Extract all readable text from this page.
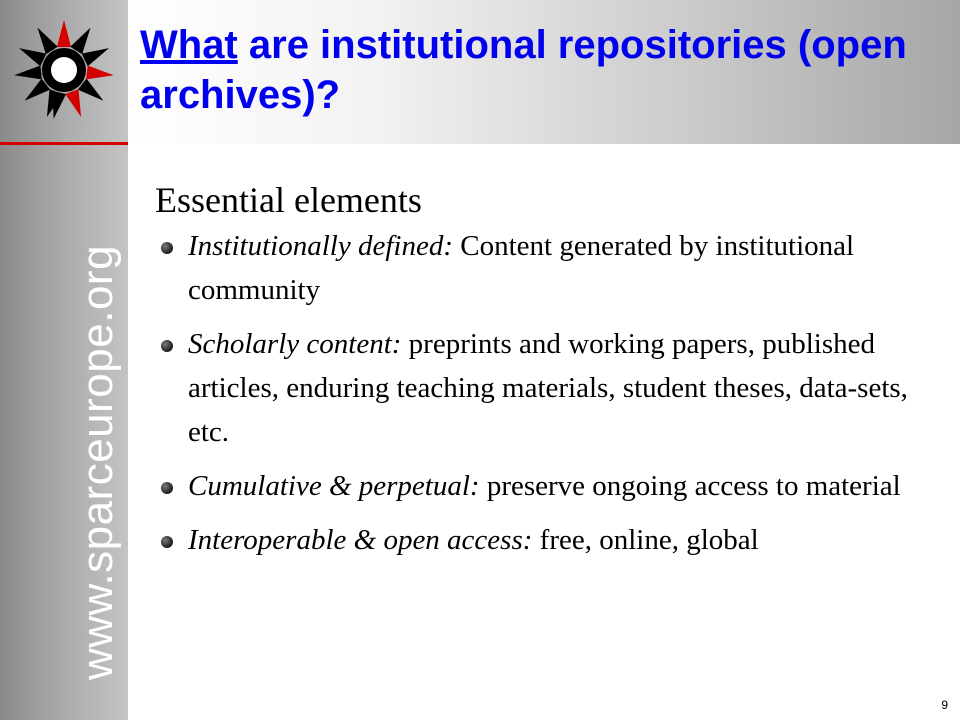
www.sparceurope.org
What are institutional repositories (open archives)?
Essential elements
Institutionally defined: Content generated by institutional community
Scholarly content: preprints and working papers, published articles, enduring teaching materials, student theses, data-sets, etc.
Cumulative & perpetual: preserve ongoing access to material
Interoperable & open access: free, online, global
9
